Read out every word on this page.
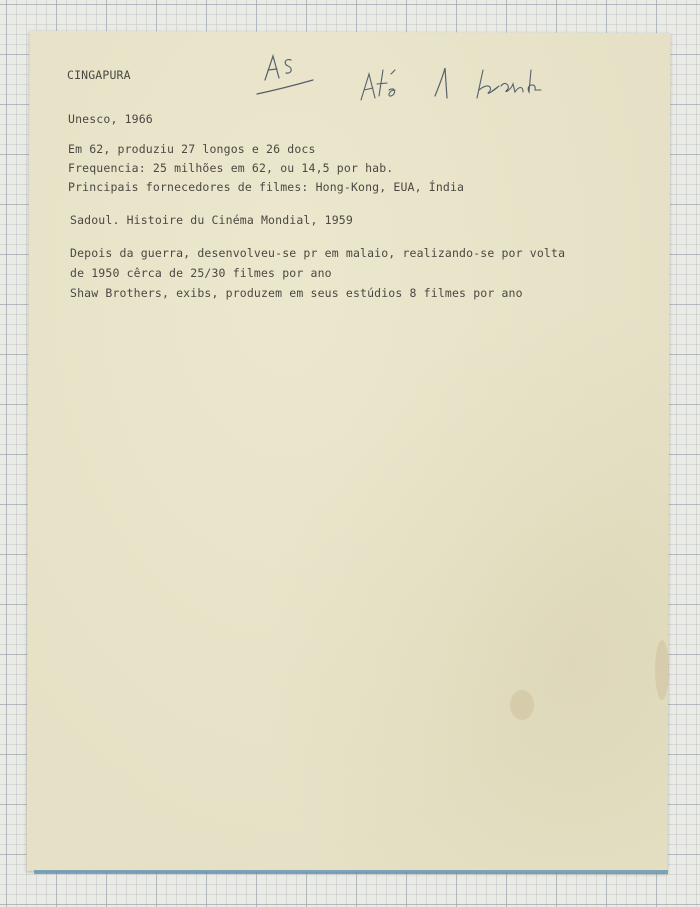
CINGAPURA
Unesco, 1966
Em 62, produziu 27 longos e 26 docs
Frequencia: 25 milhões em 62, ou 14,5 por hab.
Principais fornecedores de filmes: Hong-Kong, EUA, Índia
Sadoul. Histoire du Cinéma Mondial, 1959
Depois da guerra, desenvolveu-se pr em malaio, realizando-se por volta
de 1950 cêrca de 25/30 filmes por ano
Shaw Brothers, exibs, produzem em seus estúdios 8 filmes por ano
